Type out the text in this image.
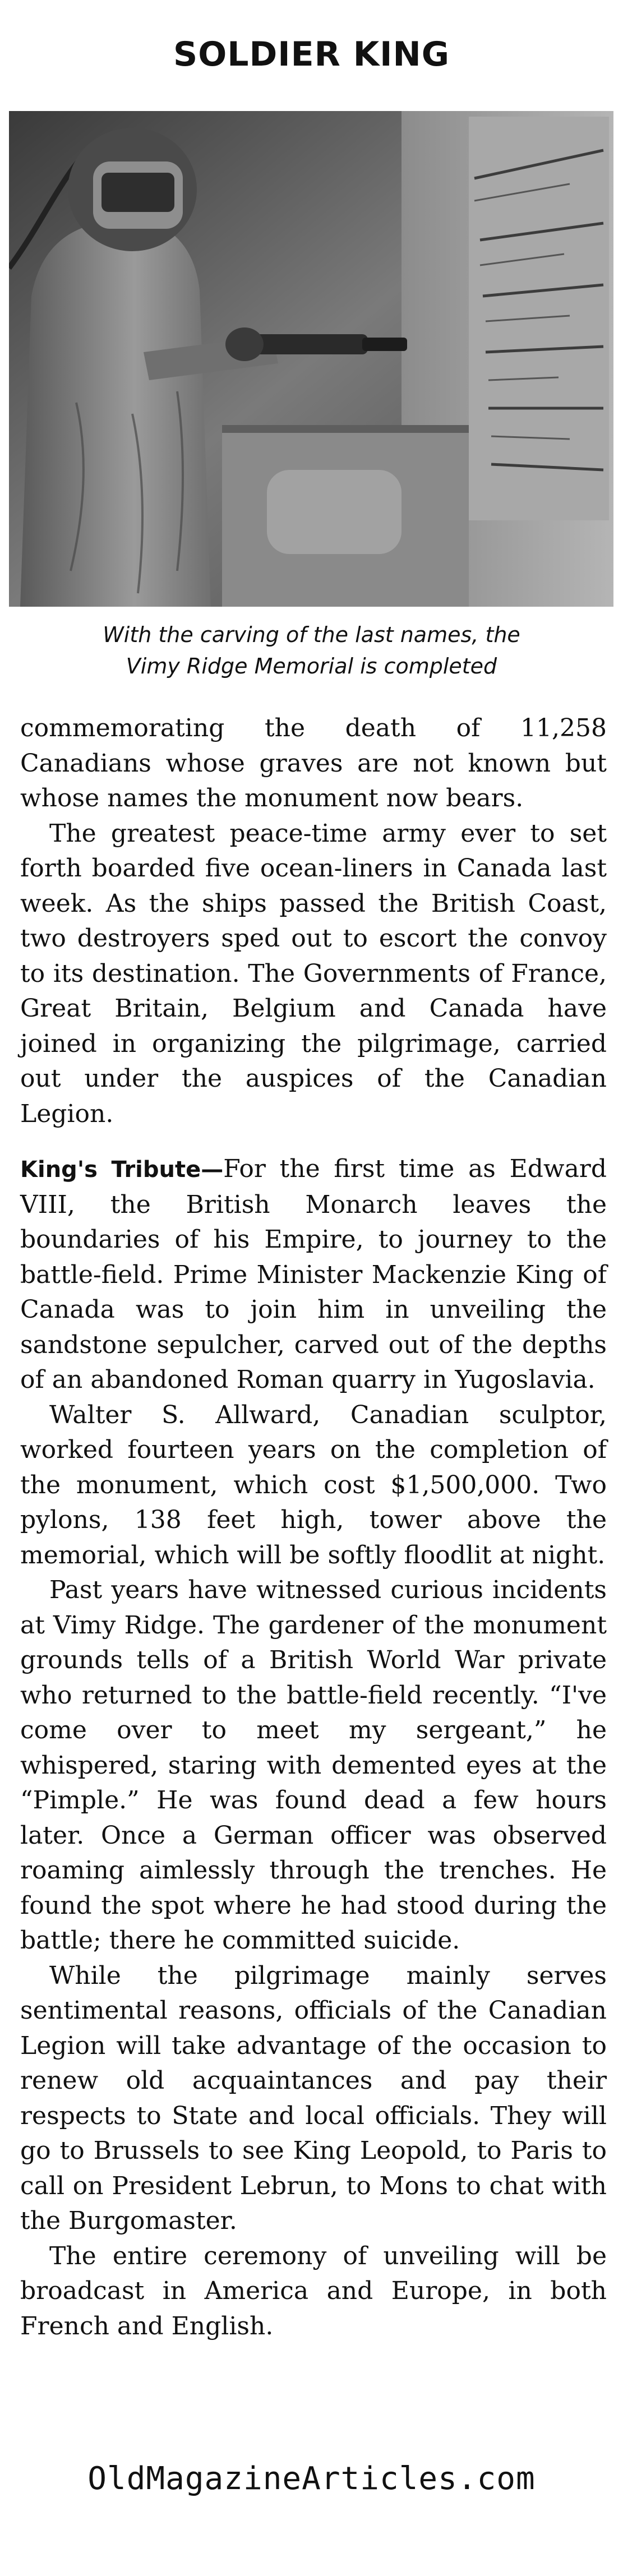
SOLDIER KING
With the carving of the last names, the
Vimy Ridge Memorial is completed

commemorating the death of 11,258 Canadians whose graves are not known but whose names the monument now bears.

The greatest peace-time army ever to set forth boarded five ocean-liners in Canada last week. As the ships passed the British Coast, two destroyers sped out to escort the convoy to its destination. The Governments of France, Great Britain, Belgium and Canada have joined in organizing the pilgrimage, carried out under the auspices of the Canadian Legion.

King's Tribute—For the first time as Edward VIII, the British Monarch leaves the boundaries of his Empire, to journey to the battle-field. Prime Minister Mackenzie King of Canada was to join him in unveiling the sandstone sepulcher, carved out of the depths of an abandoned Roman quarry in Yugoslavia.

Walter S. Allward, Canadian sculptor, worked fourteen years on the completion of the monument, which cost $1,500,000. Two pylons, 138 feet high, tower above the memorial, which will be softly floodlit at night.

Past years have witnessed curious incidents at Vimy Ridge. The gardener of the monument grounds tells of a British World War private who returned to the battle-field recently. “I've come over to meet my sergeant,” he whispered, staring with demented eyes at the “Pimple.” He was found dead a few hours later. Once a German officer was observed roaming aimlessly through the trenches. He found the spot where he had stood during the battle; there he committed suicide.

While the pilgrimage mainly serves sentimental reasons, officials of the Canadian Legion will take advantage of the occasion to renew old acquaintances and pay their respects to State and local officials. They will go to Brussels to see King Leopold, to Paris to call on President Lebrun, to Mons to chat with the Burgomaster.

The entire ceremony of unveiling will be broadcast in America and Europe, in both French and English.

OldMagazineArticles.com
